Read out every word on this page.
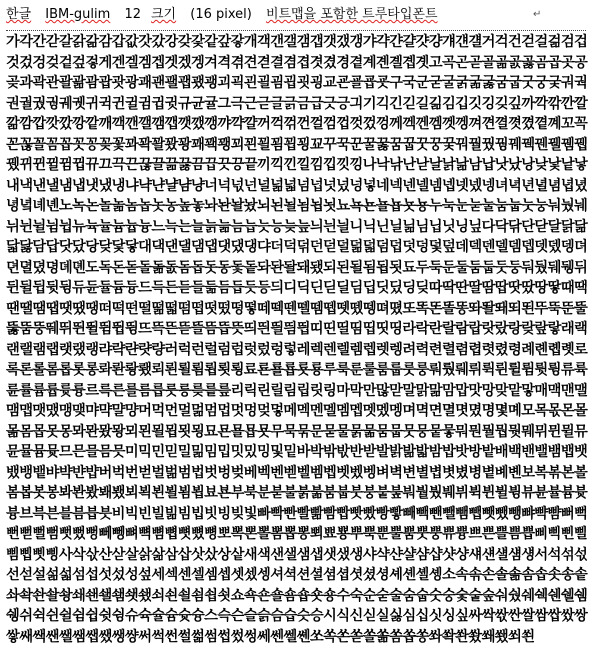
한글 IBM-gulim 12 크기 (16 pixel) 비트맵을 포함한 트루타입폰트	↵
가각간갇갈갉갊감갑값갓갔강갖갗같갚갛개객갠갤갬갭갯갰갱갸갹갼걀걋걍걔걘걜거걱건걷걸걺검겁것겄겅겆겉겊겋게겐겔겜겝겟겠겡겨격겪견겯결겸겹겻겼경곁계곈곌곕곗고곡곤곧골곪곬곯곰곱곳공곶과곽관괄괆괌괍괏광괘괜괠괩괬괭괴괵괸괼굄굅굇굉교굔굘굡굣구국군굳굴굵굶굻굼굽굿궁궂궈궉권궐궜궝궤궷귀귁귄귈귐귑귓규균귤그극근귿글긁금급긋긍긔기긱긴긷길긺김깁깃깅깆깊까깍깎깐깔깖깜깝깟깠깡깥깨깩깬깰깸깹깻깼깽꺄꺅꺌꺼꺽꺾껀껄껌껍껏껐껑께껙껜껨껫껭껴껸껼꼇꼈꼍꼐꼬꼭꼰꼲꼴꼼꼽꼿꽁꽂꽃꽈꽉꽐꽜꽝꽤꽥꽹꾀꾄꾈꾐꾑꾕꾜꾸꾹꾼꿀꿇꿈꿉꿋꿍꿎꿔꿜꿨꿩꿰꿱꿴꿸뀀뀁뀄뀌뀐뀔뀜뀝뀨끄끅끈끊끌끎끓끔끕끗끙끝끼끽낀낄낌낍낏낑나낙낚난낟날낡낢남납낫났낭낮낯낱낳내낵낸낼냄냅냇냈냉냐냑냔냘냠냥너넉넋넌널넒넓넘넙넛넜넝넣네넥넨넬넴넵넷넸넹녀녁년녈념녑녔녕녘녜녠노녹논놀놂놈놉놋농높놓놔놘놜놨뇌뇐뇔뇜뇝뇟뇨뇩뇬뇰뇹뇻뇽누눅눈눋눌눔눕눗눙눠눴눼뉘뉜뉠뉨뉩뉴뉵뉼늄늅늉느늑는늘늙늚늠늡늣능늦늪늬늰늴니닉닌닐닒님닙닛닝닢다닥닦단닫달닭닮닯닳담답닷닸당닺닻닿대댁댄댈댐댑댓댔댕댜더덕덖던덛덜덞덟덤덥덧덩덫덮데덱덴델뎀뎁뎃뎄뎅뎌뎐뎔뎠뎡뎨뎬도독돈돋돌돎돐돔돕돗동돛돝돠돤돨돼됐되된될됨됩됫됴두둑둔둘둠둡둣둥둬뒀뒈뒝뒤뒨뒬뒵뒷뒹듀듄듈듐듕드득든듣들듦듬듭듯등듸디딕딘딛딜딤딥딧딨딩딪따딱딴딸땀땁땃땄땅땋때땍땐땔땜땝땟땠땡떠떡떤떨떪떫떰떱떳떴떵떻떼떽뗀뗄뗌뗍뗏뗐뗑뗘뗬또똑똔똘똥똬똴뙈뙤뙨뚜뚝뚠뚤뚫뚬뚱뛔뛰뛴뛸뜀뜁뜅뜨뜩뜬뜯뜰뜸뜹뜻띄띈띌띔띕띠띤띨띰띱띳띵라락란랄람랍랏랐랑랒랖랗래랙랜랠램랩랫랬랭랴략랸럇량러럭런럴럼럽럿렀렁렇레렉렌렐렘렙렛렝려력련렬렴렵렷렸령례롄롑롓로록론롤롬롭롯롱롸롼뢍뢨뢰뢴뢸룀룁룃룅료룐룔룝룟룡루룩룬룰룸룹룻룽뤄뤘뤠뤼뤽륀륄륌륏륑류륙륜률륨륩륫륭르륵른를름릅릇릉릊릍릎리릭린릴림립릿링마막만많맏말맑맒맘맙맛망맞맡맣매맥맨맬맴맵맷맸맹맺먀먁먈먕머먹먼멀멂멈멉멋멍멎멓메멕멘멜멤멥멧멨멩며멱면멸몃몄명몇몌모목몫몬몰몲몸몹못몽뫄뫈뫘뫙뫼묀묄묍묏묑묘묜묠묩묫무묵묶문묻물묽묾뭄뭅뭇뭉뭍뭏뭐뭔뭘뭡뭣뭬뮈뮌뮐뮤뮨뮬뮴뮷므믄믈믐믓미믹민믿밀밂밈밉밋밌밍및밑바박밖밗반받발밝밞밟밤밥밧방밭배백밴밸뱀뱁뱃뱄뱅뱉뱌뱍뱐뱝버벅번벋벌벎범법벗벙벚베벡벤벧벨벰벱벳벴벵벼벽변별볍볏볐병볕볘볜보복볶본볼봄봅봇봉봐봔봤봬뵀뵈뵉뵌뵐뵘뵙뵤뵨부북분붇불붉붊붐붑붓붕붙붚붜붤붰붸뷔뷕뷘뷜뷩뷰뷴뷸븀븃븅브븍븐블븜븝븟비빅빈빌빎빔빕빗빙빚빛빠빡빤빨빪빰빱빳빴빵빻빼빽뺀뺄뺌뺍뺏뺐뺑뺘뺙뺨뻐뻑뻔뻗뻘뻠뻣뻤뻥뻬뼁뼈뼉뼘뼙뼛뼜뼝뽀뽁뽄뽈뽐뽑뽕뾔뾰뿅뿌뿍뿐뿔뿜뿟뿡쀼쁑쁘쁜쁠쁨쁩삐삑삔삘삠삡삣삥사삭삯산삳살삵삶삼삽삿샀상샅새색샌샐샘샙샛샜생샤샥샨샬샴샵샷샹섀섄섈섐섕서석섞섟선섣설섦섧섬섭섯섰성섶세섹센셀셈셉셋셌셍셔셕션셜셤셥셧셨셩셰셴셸솅소속솎손솔솖솜솝솟송솥솨솩솬솰솽쇄쇈쇌쇔쇗쇘쇠쇤쇨쇰쇱쇳쇼쇽숀숄숌숍숏숑수숙순숟술숨숩숫숭숯숱숲숴쉈쉐쉑쉔쉘쉠쉥쉬쉭쉰쉴쉼쉽쉿슁슈슉슐슘슛슝스슥슨슬슭슴습슷승시식신싣실싫심십싯싱싶싸싹싻싼쌀쌈쌉쌌쌍쌓쌔쌕쌘쌜쌤쌥쌨쌩썅써썩썬썰썲썸썹썼썽쎄쎈쎌쏀쏘쏙쏜쏟쏠쏢쏨쏩쏭쏴쏵쏸쐈쐐쐤쐬쐰
